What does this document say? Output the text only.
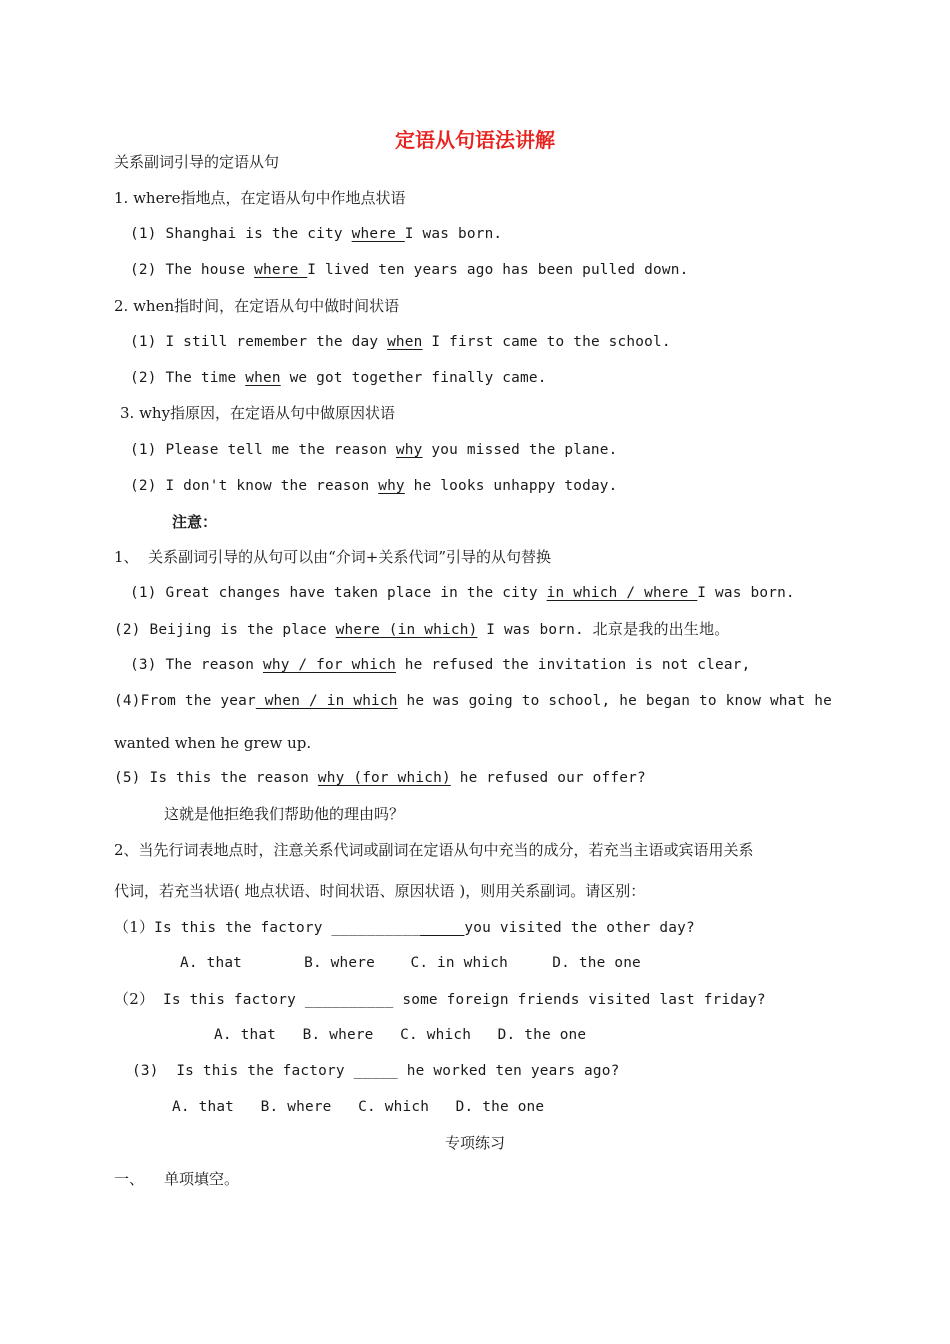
定语从句语法讲解
关系副词引导的定语从句
1. where指地点，在定语从句中作地点状语
(1) Shanghai is the city where I was born.
(2) The house where I lived ten years ago has been pulled down.
2. when指时间，在定语从句中做时间状语
(1) I still remember the day when I first came to the school.
(2) The time when we got together finally came.
3. why指原因，在定语从句中做原因状语
(1) Please tell me the reason why you missed the plane.
(2) I don't know the reason why he looks unhappy today.
注意：
1、  关系副词引导的从句可以由“介词+关系代词”引导的从句替换
(1) Great changes have taken place in the city in which / where I was born.
(2) Beijing is the place where (in which) I was born. 北京是我的出生地。
(3) The reason why / for which he refused the invitation is not clear,
(4)From the year when / in which he was going to school, he began to know what he
wanted when he grew up.
(5) Is this the reason why (for which) he refused our offer?
这就是他拒绝我们帮助他的理由吗？
2、当先行词表地点时，注意关系代词或副词在定语从句中充当的成分，若充当主语或宾语用关系
代词，若充当状语( 地点状语、时间状语、原因状语 )，则用关系副词。请区别：
（1）Is this the factory _______________you visited the other day?
A. that       B. where    C. in which     D. the one
（2） Is this factory __________ some foreign friends visited last friday?
A. that   B. where   C. which   D. the one
(3)  Is this the factory _____ he worked ten years ago?
A. that   B. where   C. which   D. the one
专项练习
一、 单项填空。
